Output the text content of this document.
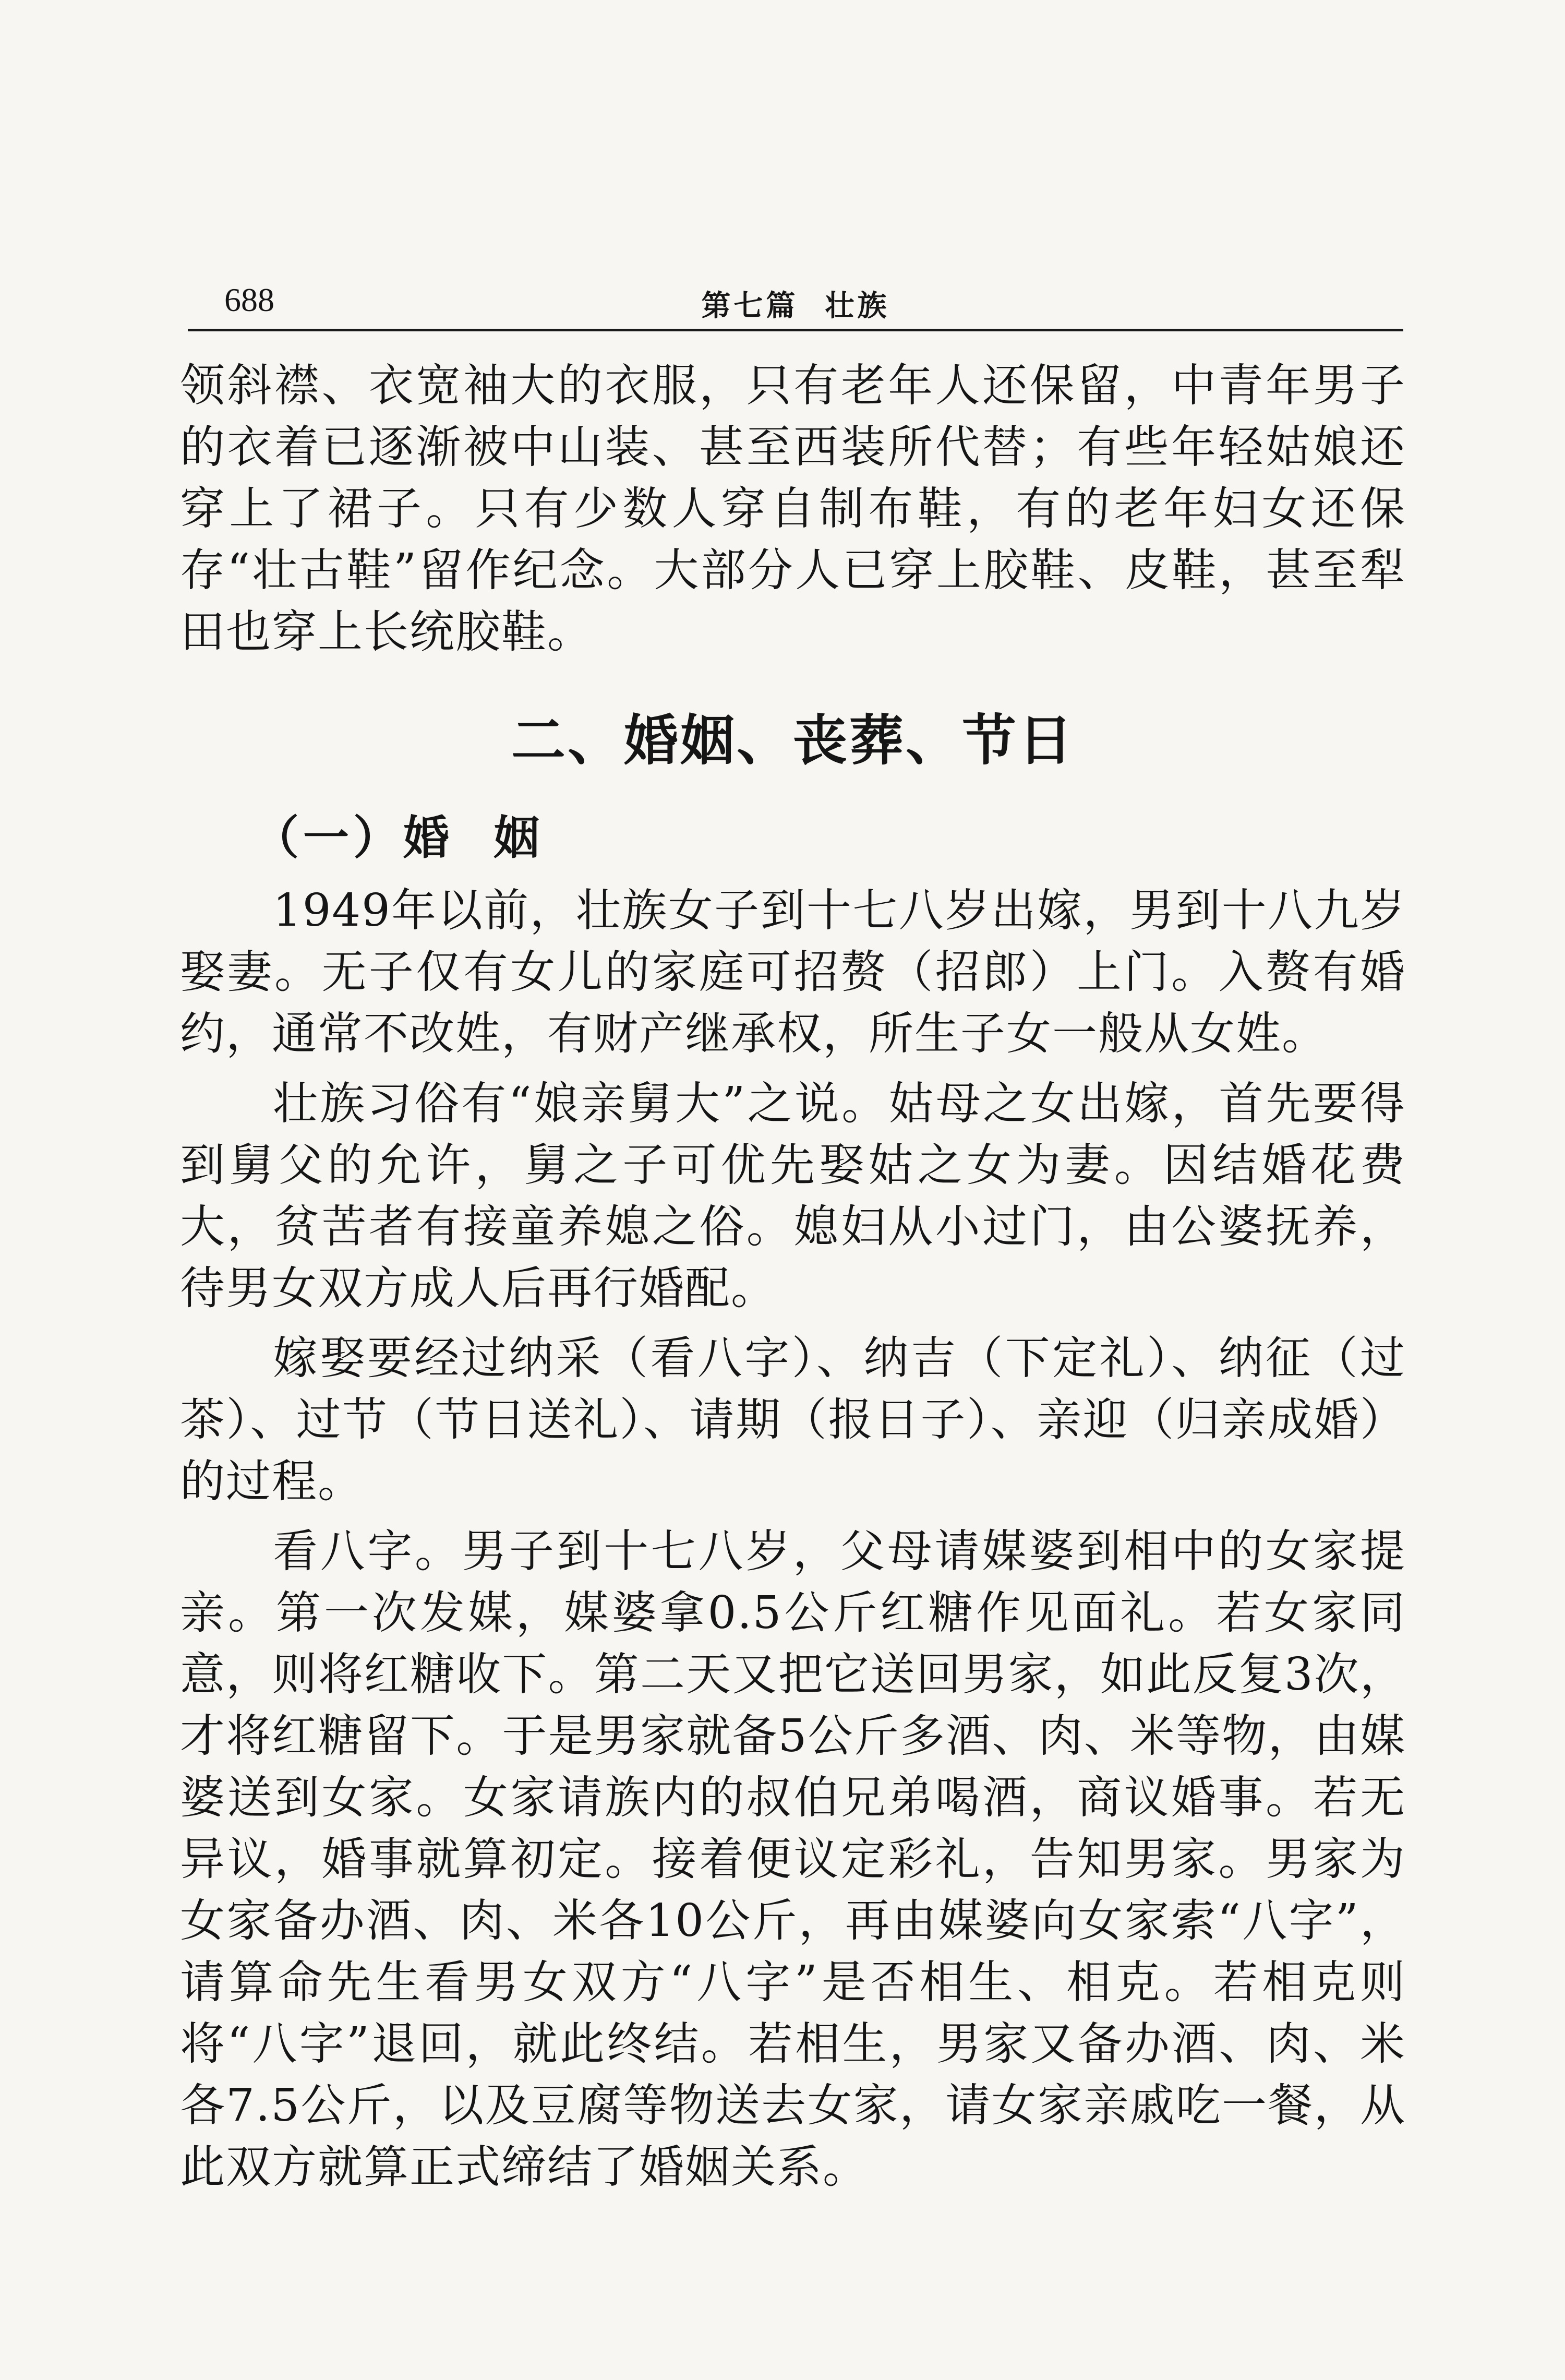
688	第七篇  壮族

领斜襟、衣宽袖大的衣服，只有老年人还保留，中青年男子的衣着已逐渐被中山装、甚至西装所代替；有些年轻姑娘还穿上了裙子。只有少数人穿自制布鞋，有的老年妇女还保存“壮古鞋”留作纪念。大部分人已穿上胶鞋、皮鞋，甚至犁田也穿上长统胶鞋。

二、婚姻、丧葬、节日
（一）婚  姻

1949年以前，壮族女子到十七八岁出嫁，男到十八九岁娶妻。无子仅有女儿的家庭可招赘（招郎）上门。入赘有婚约，通常不改姓，有财产继承权，所生子女一般从女姓。

壮族习俗有“娘亲舅大”之说。姑母之女出嫁，首先要得到舅父的允许，舅之子可优先娶姑之女为妻。因结婚花费大，贫苦者有接童养媳之俗。媳妇从小过门，由公婆抚养，待男女双方成人后再行婚配。

嫁娶要经过纳采（看八字）、纳吉（下定礼）、纳征（过茶）、过节（节日送礼）、请期（报日子）、亲迎（归亲成婚）的过程。

看八字。男子到十七八岁，父母请媒婆到相中的女家提亲。第一次发媒，媒婆拿0.5公斤红糖作见面礼。若女家同意，则将红糖收下。第二天又把它送回男家，如此反复3次，才将红糖留下。于是男家就备5公斤多酒、肉、米等物，由媒婆送到女家。女家请族内的叔伯兄弟喝酒，商议婚事。若无异议，婚事就算初定。接着便议定彩礼，告知男家。男家为女家备办酒、肉、米各10公斤，再由媒婆向女家索“八字”，请算命先生看男女双方“八字”是否相生、相克。若相克则将“八字”退回，就此终结。若相生，男家又备办酒、肉、米各7.5公斤，以及豆腐等物送去女家，请女家亲戚吃一餐，从此双方就算正式缔结了婚姻关系。
